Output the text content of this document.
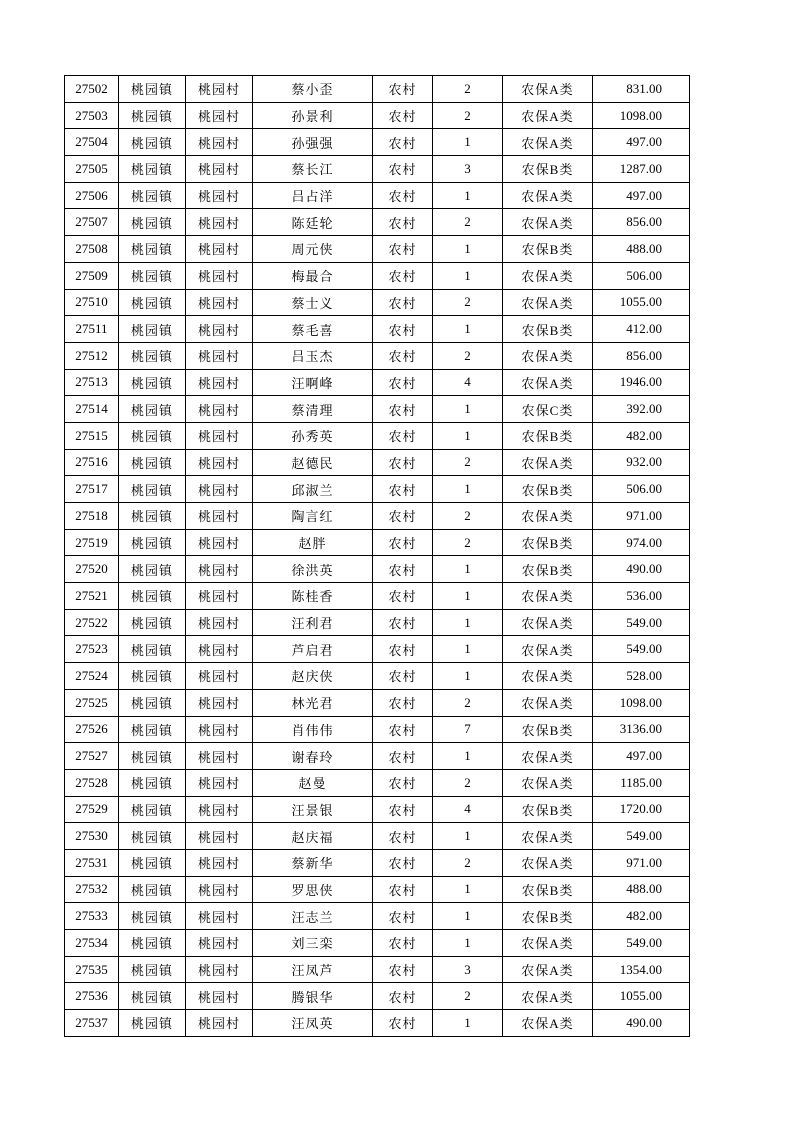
27502	桃园镇	桃园村	蔡小歪	农村	2	农保A类	831.00
27503	桃园镇	桃园村	孙景利	农村	2	农保A类	1098.00
27504	桃园镇	桃园村	孙强强	农村	1	农保A类	497.00
27505	桃园镇	桃园村	蔡长江	农村	3	农保B类	1287.00
27506	桃园镇	桃园村	吕占洋	农村	1	农保A类	497.00
27507	桃园镇	桃园村	陈廷轮	农村	2	农保A类	856.00
27508	桃园镇	桃园村	周元侠	农村	1	农保B类	488.00
27509	桃园镇	桃园村	梅最合	农村	1	农保A类	506.00
27510	桃园镇	桃园村	蔡士义	农村	2	农保A类	1055.00
27511	桃园镇	桃园村	蔡毛喜	农村	1	农保B类	412.00
27512	桃园镇	桃园村	吕玉杰	农村	2	农保A类	856.00
27513	桃园镇	桃园村	汪啊峰	农村	4	农保A类	1946.00
27514	桃园镇	桃园村	蔡清理	农村	1	农保C类	392.00
27515	桃园镇	桃园村	孙秀英	农村	1	农保B类	482.00
27516	桃园镇	桃园村	赵德民	农村	2	农保A类	932.00
27517	桃园镇	桃园村	邱淑兰	农村	1	农保B类	506.00
27518	桃园镇	桃园村	陶言红	农村	2	农保A类	971.00
27519	桃园镇	桃园村	赵胖	农村	2	农保B类	974.00
27520	桃园镇	桃园村	徐洪英	农村	1	农保B类	490.00
27521	桃园镇	桃园村	陈桂香	农村	1	农保A类	536.00
27522	桃园镇	桃园村	汪利君	农村	1	农保A类	549.00
27523	桃园镇	桃园村	芦启君	农村	1	农保A类	549.00
27524	桃园镇	桃园村	赵庆侠	农村	1	农保A类	528.00
27525	桃园镇	桃园村	林光君	农村	2	农保A类	1098.00
27526	桃园镇	桃园村	肖伟伟	农村	7	农保B类	3136.00
27527	桃园镇	桃园村	谢春玲	农村	1	农保A类	497.00
27528	桃园镇	桃园村	赵曼	农村	2	农保A类	1185.00
27529	桃园镇	桃园村	汪景银	农村	4	农保B类	1720.00
27530	桃园镇	桃园村	赵庆福	农村	1	农保A类	549.00
27531	桃园镇	桃园村	蔡新华	农村	2	农保A类	971.00
27532	桃园镇	桃园村	罗思侠	农村	1	农保B类	488.00
27533	桃园镇	桃园村	汪志兰	农村	1	农保B类	482.00
27534	桃园镇	桃园村	刘三栾	农村	1	农保A类	549.00
27535	桃园镇	桃园村	汪凤芦	农村	3	农保A类	1354.00
27536	桃园镇	桃园村	腾银华	农村	2	农保A类	1055.00
27537	桃园镇	桃园村	汪凤英	农村	1	农保A类	490.00
